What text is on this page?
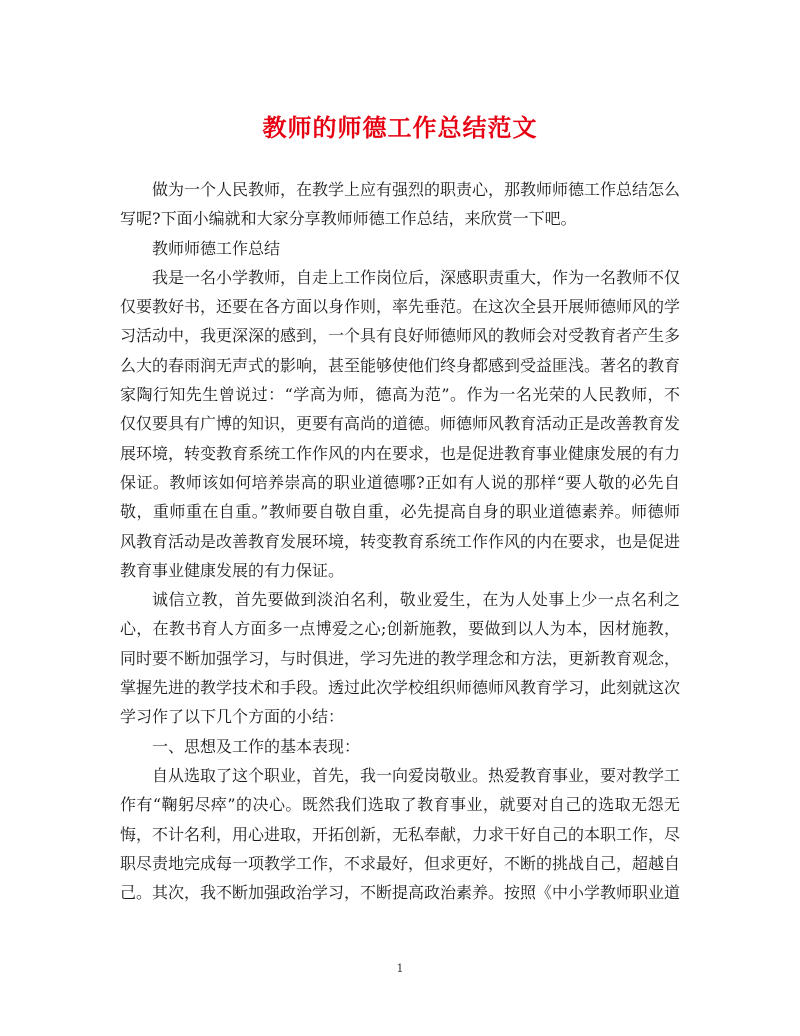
教师的师德工作总结范文

做为一个人民教师，在教学上应有强烈的职责心，那教师师德工作总结怎么写呢?下面小编就和大家分享教师师德工作总结，来欣赏一下吧。

教师师德工作总结

我是一名小学教师，自走上工作岗位后，深感职责重大，作为一名教师不仅仅要教好书，还要在各方面以身作则，率先垂范。在这次全县开展师德师风的学习活动中，我更深深的感到，一个具有良好师德师风的教师会对受教育者产生多么大的春雨润无声式的影响，甚至能够使他们终身都感到受益匪浅。著名的教育家陶行知先生曾说过：“学高为师，德高为范”。作为一名光荣的人民教师，不仅仅要具有广博的知识，更要有高尚的道德。师德师风教育活动正是改善教育发展环境，转变教育系统工作作风的内在要求，也是促进教育事业健康发展的有力保证。教师该如何培养崇高的职业道德哪?正如有人说的那样“要人敬的必先自敬，重师重在自重。”教师要自敬自重，必先提高自身的职业道德素养。师德师风教育活动是改善教育发展环境，转变教育系统工作作风的内在要求，也是促进教育事业健康发展的有力保证。

诚信立教，首先要做到淡泊名利，敬业爱生，在为人处事上少一点名利之心，在教书育人方面多一点博爱之心;创新施教，要做到以人为本，因材施教，同时要不断加强学习，与时俱进，学习先进的教学理念和方法，更新教育观念，掌握先进的教学技术和手段。透过此次学校组织师德师风教育学习，此刻就这次学习作了以下几个方面的小结：

一、思想及工作的基本表现：

自从选取了这个职业，首先，我一向爱岗敬业。热爱教育事业，要对教学工作有“鞠躬尽瘁”的决心。既然我们选取了教育事业，就要对自己的选取无怨无悔，不计名利，用心进取，开拓创新，无私奉献，力求干好自己的本职工作，尽职尽责地完成每一项教学工作，不求最好，但求更好，不断的挑战自己，超越自己。其次，我不断加强政治学习，不断提高政治素养。按照《中小学教师职业道

1
